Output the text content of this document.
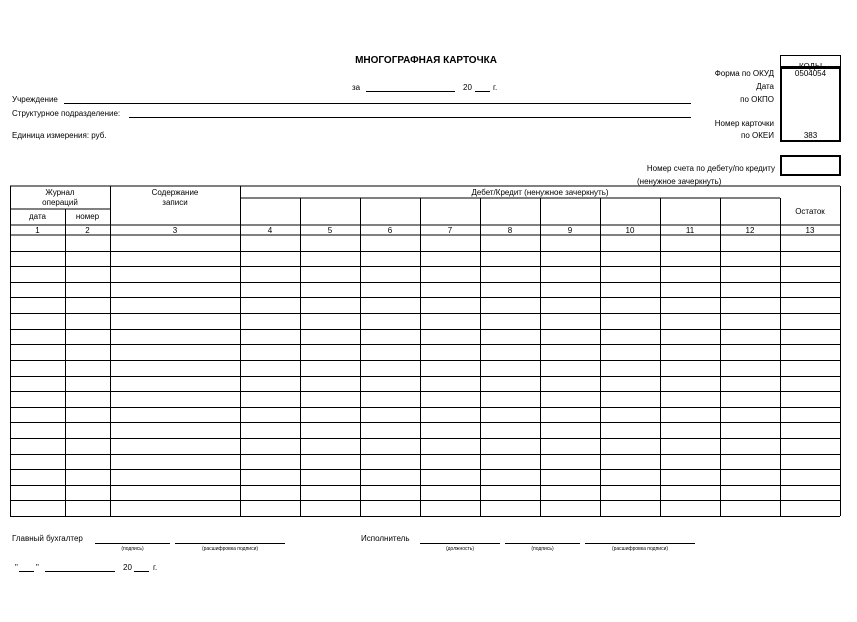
МНОГОГРАФНАЯ КАРТОЧКА
за	20	г.
Учреждение
Структурное подразделение:
Единица измерения: руб.
КОДЫ
Форма по ОКУД	0504054
Дата
по ОКПО
Номер карточки
по ОКЕИ	383
Номер счета по дебету/по кредиту
(ненужное зачеркнуть)
Журнал
операций
дата	номер
Содержание
записи
Дебет/Кредит (ненужное зачеркнуть)
Остаток
1	2	3	4	5	6	7	8	9	10	11	12	13
Главный бухгалтер
(подпись)	(расшифровка подписи)
Исполнитель
(должность)	(подпись)	(расшифровка подписи)
" "	20	г.
